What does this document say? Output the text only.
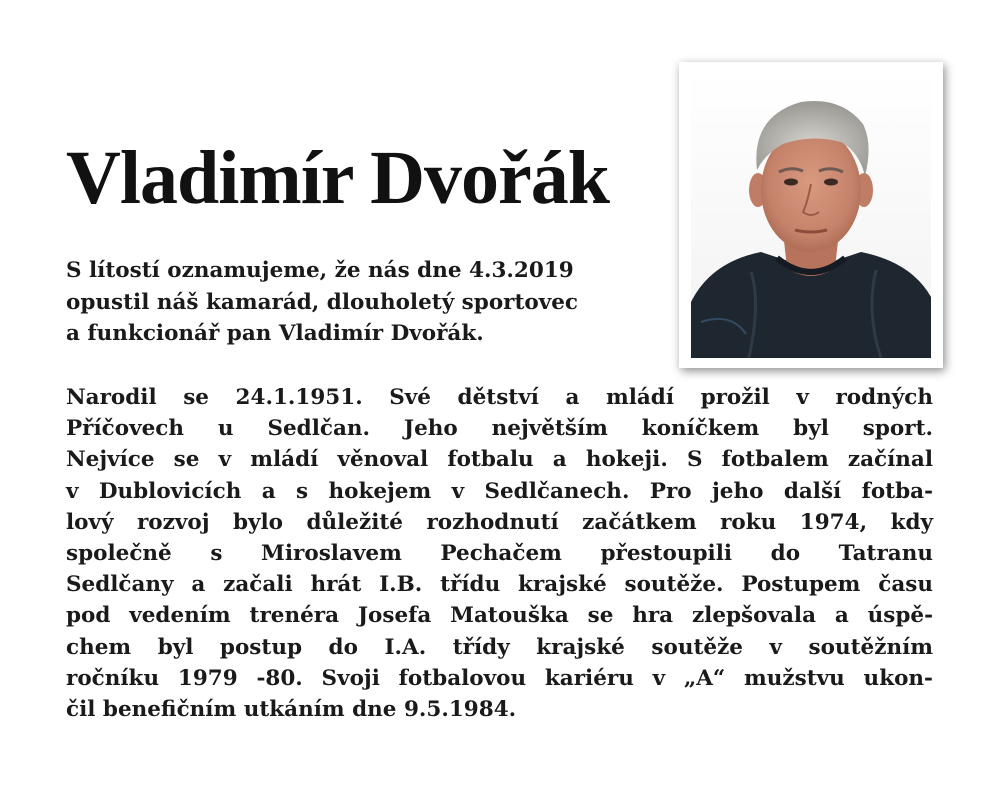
Vladimír Dvořák

S lítostí oznamujeme, že nás dne 4.3.2019
opustil náš kamarád, dlouholetý sportovec
a funkcionář pan Vladimír Dvořák.

Narodil se 24.1.1951. Své dětství a mládí prožil v rodných
Příčovech u Sedlčan. Jeho největším koníčkem byl sport.
Nejvíce se v mládí věnoval fotbalu a hokeji. S fotbalem začínal
v Dublovicích a s hokejem v Sedlčanech. Pro jeho další fotba-
lový rozvoj bylo důležité rozhodnutí začátkem roku 1974, kdy
společně s Miroslavem Pechačem přestoupili do Tatranu
Sedlčany a začali hrát I.B. třídu krajské soutěže. Postupem času
pod vedením trenéra Josefa Matouška se hra zlepšovala a úspě-
chem byl postup do I.A. třídy krajské soutěže v soutěžním
ročníku 1979 -80. Svoji fotbalovou kariéru v „A“ mužstvu ukon-
čil benefičním utkáním dne 9.5.1984.
